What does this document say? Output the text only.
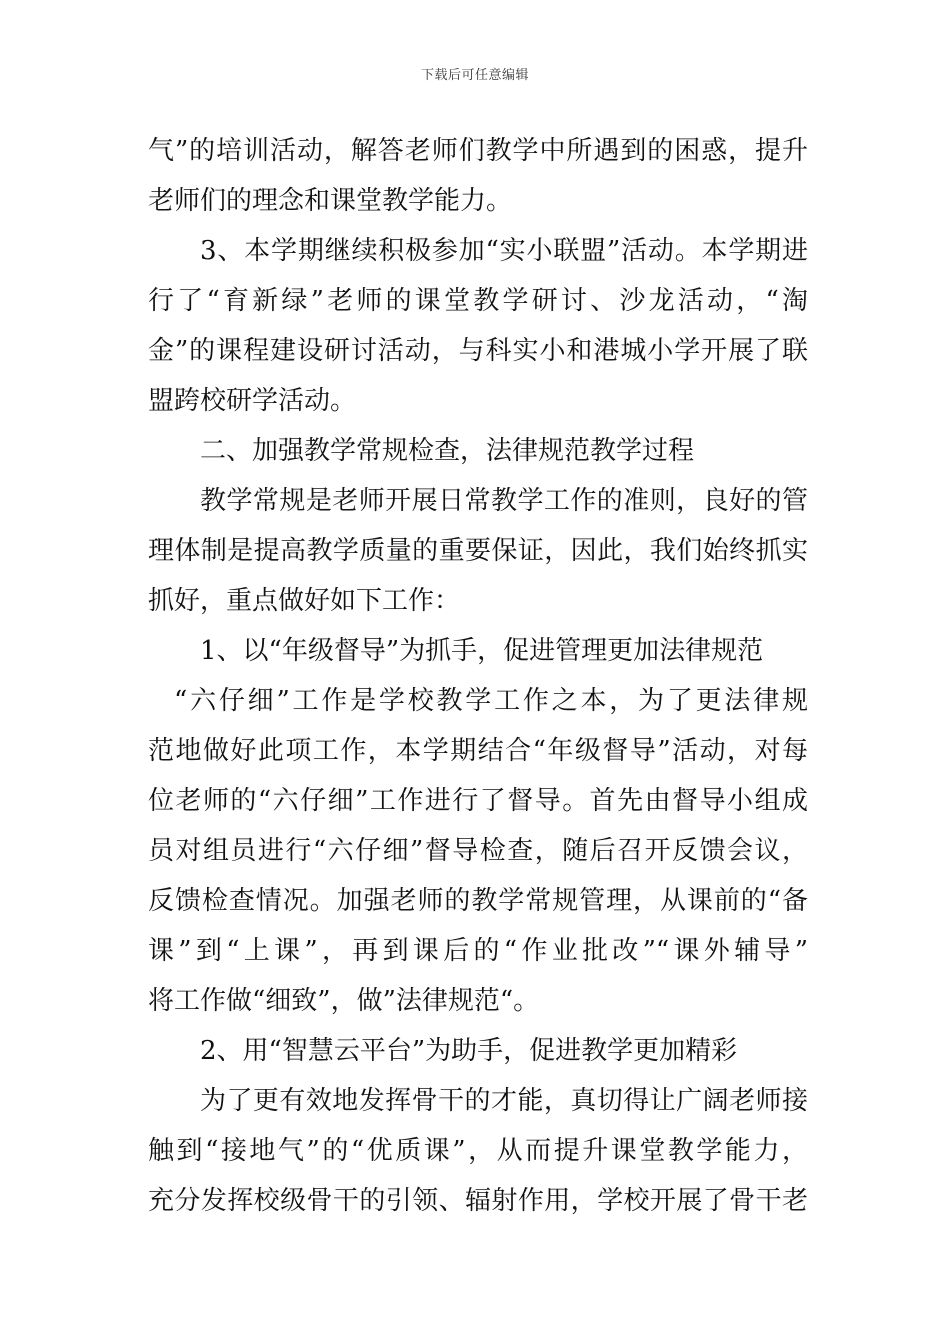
下载后可任意编辑
气”的培训活动，解答老师们教学中所遇到的困惑，提升
老师们的理念和课堂教学能力。
3、本学期继续积极参加“实小联盟”活动。本学期进
行了“育新绿”老师的课堂教学研讨、沙龙活动，“淘
金”的课程建设研讨活动，与科实小和港城小学开展了联
盟跨校研学活动。
二、加强教学常规检查，法律规范教学过程
教学常规是老师开展日常教学工作的准则，良好的管
理体制是提高教学质量的重要保证，因此，我们始终抓实
抓好，重点做好如下工作：
1、以“年级督导”为抓手，促进管理更加法律规范
“六仔细”工作是学校教学工作之本，为了更法律规
范地做好此项工作，本学期结合“年级督导”活动，对每
位老师的“六仔细”工作进行了督导。首先由督导小组成
员对组员进行“六仔细”督导检查，随后召开反馈会议，
反馈检查情况。加强老师的教学常规管理，从课前的“备
课”到“上课”，再到课后的“作业批改”“课外辅导”
将工作做“细致”，做”法律规范“。
2、用“智慧云平台”为助手，促进教学更加精彩
为了更有效地发挥骨干的才能，真切得让广阔老师接
触到“接地气”的“优质课”，从而提升课堂教学能力，
充分发挥校级骨干的引领、辐射作用，学校开展了骨干老
